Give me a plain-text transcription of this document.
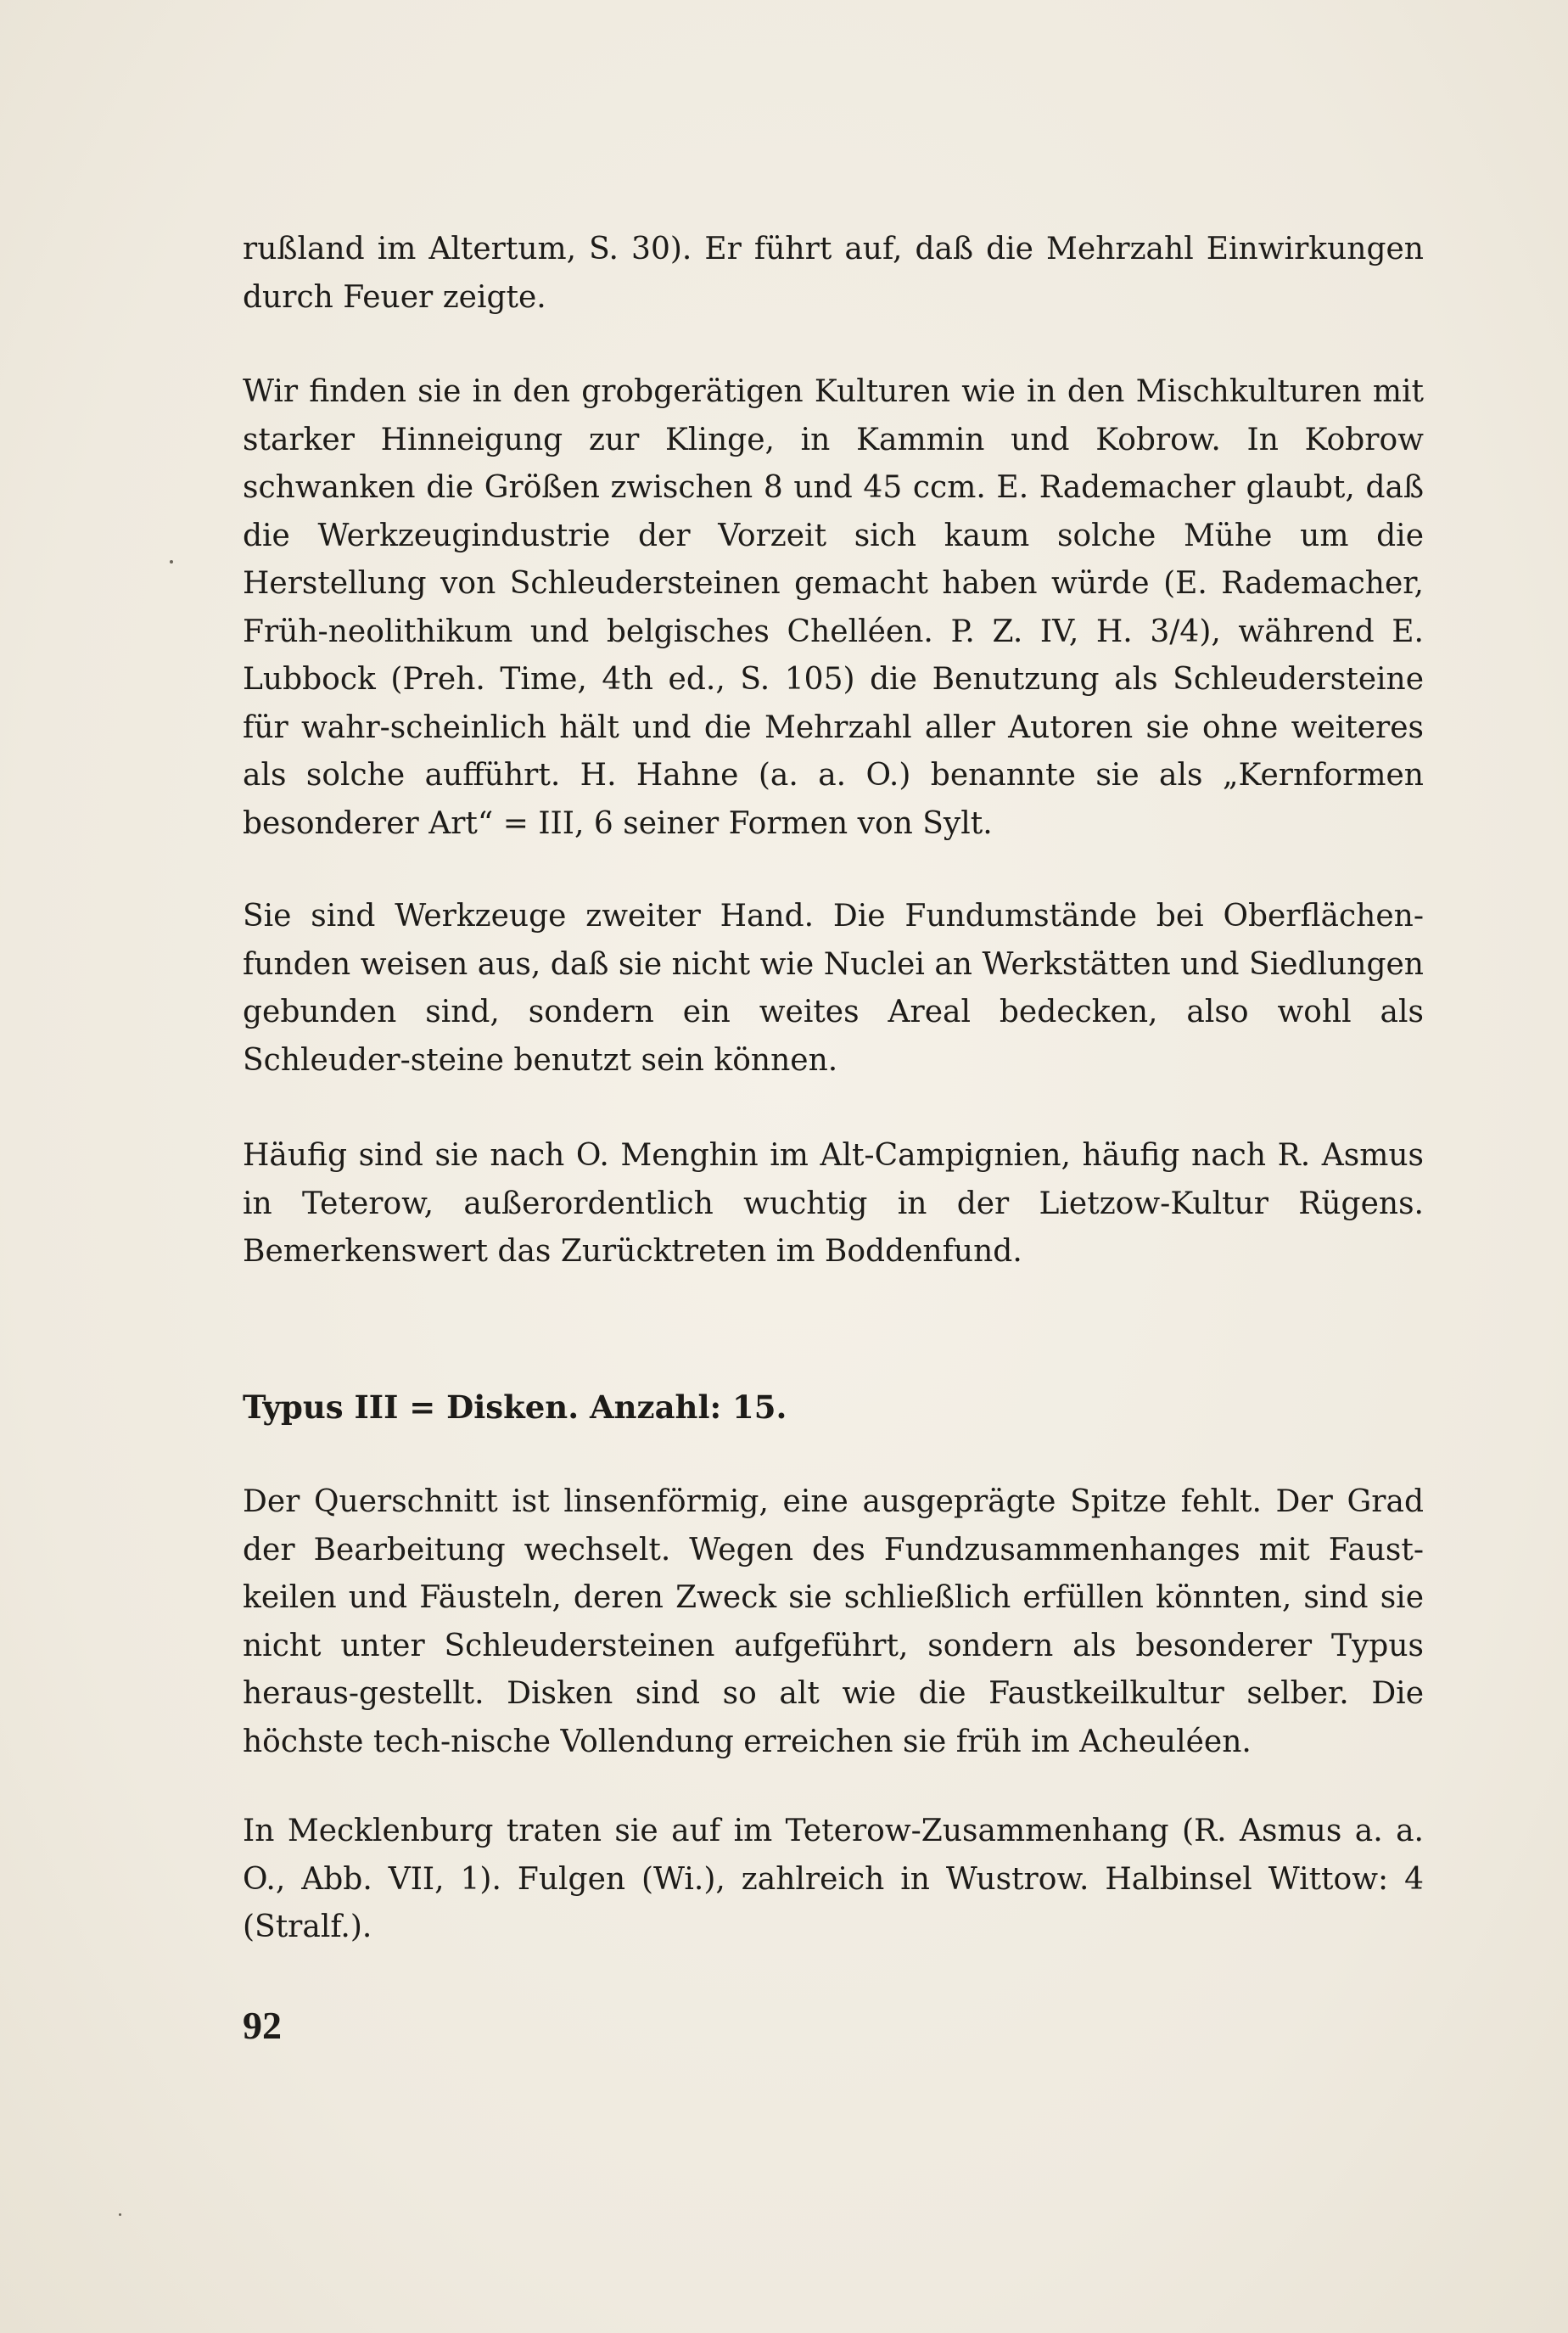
rußland im Altertum, S. 30). Er führt auf, daß die Mehrzahl Einwirkungen durch Feuer zeigte.

Wir finden sie in den grobgerätigen Kulturen wie in den Mischkulturen mit starker Hinneigung zur Klinge, in Kammin und Kobrow. In Kobrow schwanken die Größen zwischen 8 und 45 ccm. E. Rademacher glaubt, daß die Werkzeugindustrie der Vorzeit sich kaum solche Mühe um die Herstellung von Schleudersteinen gemacht haben würde (E. Rademacher, Früh-neolithikum und belgisches Chelléen. P. Z. IV, H. 3/4), während E. Lubbock (Preh. Time, 4th ed., S. 105) die Benutzung als Schleudersteine für wahr-scheinlich hält und die Mehrzahl aller Autoren sie ohne weiteres als solche aufführt. H. Hahne (a. a. O.) benannte sie als „Kernformen besonderer Art“ = III, 6 seiner Formen von Sylt.

Sie sind Werkzeuge zweiter Hand. Die Fundumstände bei Oberflächen-funden weisen aus, daß sie nicht wie Nuclei an Werkstätten und Siedlungen gebunden sind, sondern ein weites Areal bedecken, also wohl als Schleuder-steine benutzt sein können.

Häufig sind sie nach O. Menghin im Alt-Campignien, häufig nach R. Asmus in Teterow, außerordentlich wuchtig in der Lietzow-Kultur Rügens. Bemerkenswert das Zurücktreten im Boddenfund.

Typus III = Disken. Anzahl: 15.

Der Querschnitt ist linsenförmig, eine ausgeprägte Spitze fehlt. Der Grad der Bearbeitung wechselt. Wegen des Fundzusammenhanges mit Faust-keilen und Fäusteln, deren Zweck sie schließlich erfüllen könnten, sind sie nicht unter Schleudersteinen aufgeführt, sondern als besonderer Typus heraus-gestellt. Disken sind so alt wie die Faustkeilkultur selber. Die höchste tech-nische Vollendung erreichen sie früh im Acheuléen.

In Mecklenburg traten sie auf im Teterow-Zusammenhang (R. Asmus a. a. O., Abb. VII, 1). Fulgen (Wi.), zahlreich in Wustrow. Halbinsel Wittow: 4 (Stralf.).

92
